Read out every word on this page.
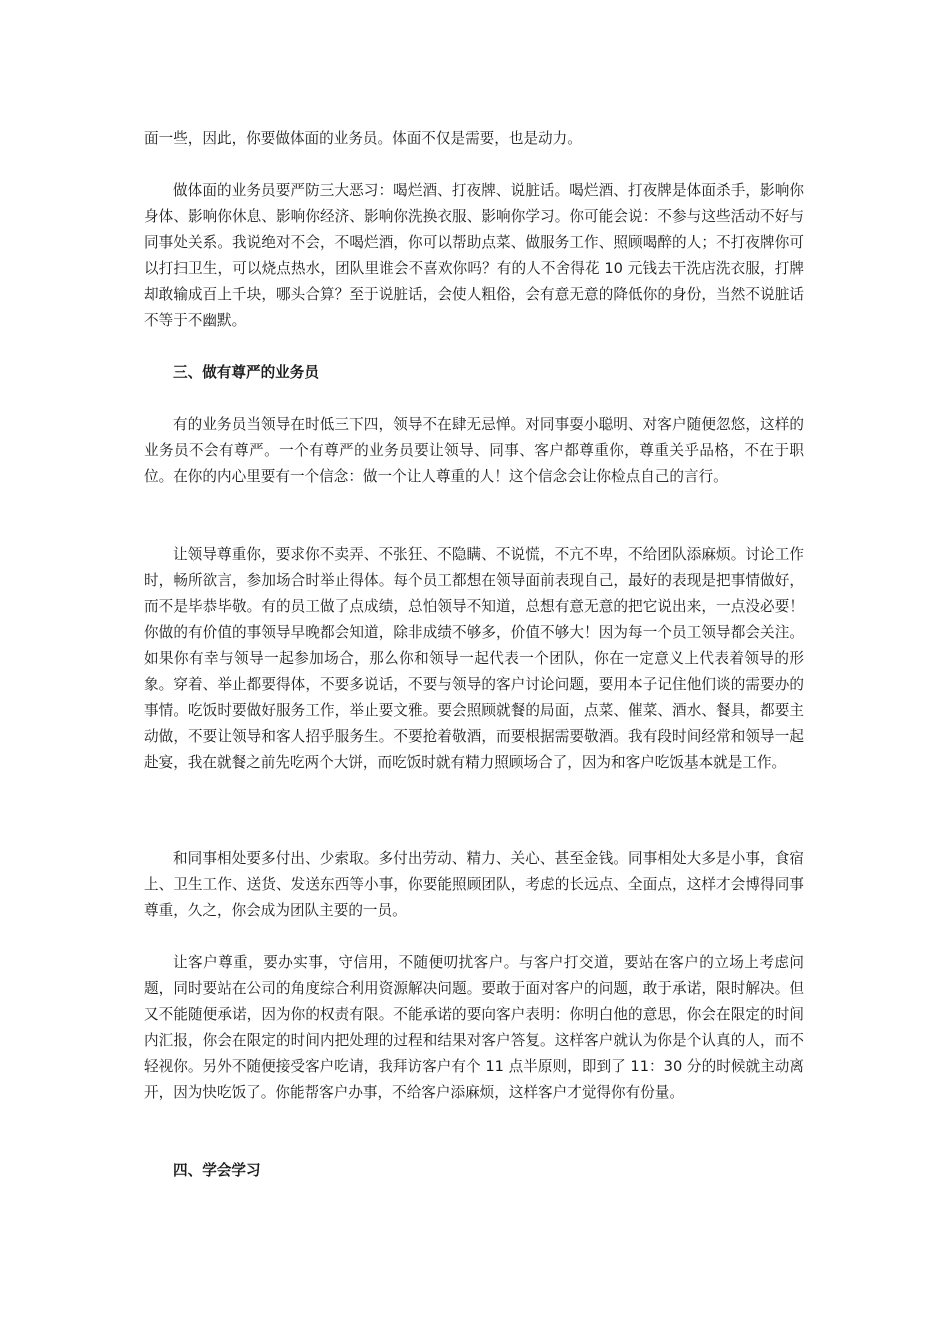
面一些，因此，你要做体面的业务员。体面不仅是需要，也是动力。

做体面的业务员要严防三大恶习：喝烂酒、打夜牌、说脏话。喝烂酒、打夜牌是体面杀手，影响你身体、影响你休息、影响你经济、影响你洗换衣服、影响你学习。你可能会说：不参与这些活动不好与同事处关系。我说绝对不会，不喝烂酒，你可以帮助点菜、做服务工作、照顾喝醉的人；不打夜牌你可以打扫卫生，可以烧点热水，团队里谁会不喜欢你吗？有的人不舍得花 10 元钱去干洗店洗衣服，打牌却敢输成百上千块，哪头合算？至于说脏话，会使人粗俗，会有意无意的降低你的身份，当然不说脏话不等于不幽默。

三、做有尊严的业务员

有的业务员当领导在时低三下四，领导不在肆无忌惮。对同事耍小聪明、对客户随便忽悠，这样的业务员不会有尊严。一个有尊严的业务员要让领导、同事、客户都尊重你，尊重关乎品格，不在于职位。在你的内心里要有一个信念：做一个让人尊重的人！这个信念会让你检点自己的言行。

让领导尊重你，要求你不卖弄、不张狂、不隐瞒、不说慌，不亢不卑，不给团队添麻烦。讨论工作时，畅所欲言，参加场合时举止得体。每个员工都想在领导面前表现自己，最好的表现是把事情做好，而不是毕恭毕敬。有的员工做了点成绩，总怕领导不知道，总想有意无意的把它说出来，一点没必要！你做的有价值的事领导早晚都会知道，除非成绩不够多，价值不够大！因为每一个员工领导都会关注。如果你有幸与领导一起参加场合，那么你和领导一起代表一个团队，你在一定意义上代表着领导的形象。穿着、举止都要得体，不要多说话，不要与领导的客户讨论问题，要用本子记住他们谈的需要办的事情。吃饭时要做好服务工作，举止要文雅。要会照顾就餐的局面，点菜、催菜、酒水、餐具，都要主动做，不要让领导和客人招乎服务生。不要抢着敬酒，而要根据需要敬酒。我有段时间经常和领导一起赴宴，我在就餐之前先吃两个大饼，而吃饭时就有精力照顾场合了，因为和客户吃饭基本就是工作。

和同事相处要多付出、少索取。多付出劳动、精力、关心、甚至金钱。同事相处大多是小事，食宿上、卫生工作、送货、发送东西等小事，你要能照顾团队，考虑的长远点、全面点，这样才会博得同事尊重，久之，你会成为团队主要的一员。

让客户尊重，要办实事，守信用，不随便叨扰客户。与客户打交道，要站在客户的立场上考虑问题，同时要站在公司的角度综合利用资源解决问题。要敢于面对客户的问题，敢于承诺，限时解决。但又不能随便承诺，因为你的权责有限。不能承诺的要向客户表明：你明白他的意思，你会在限定的时间内汇报，你会在限定的时间内把处理的过程和结果对客户答复。这样客户就认为你是个认真的人，而不轻视你。另外不随便接受客户吃请，我拜访客户有个 11 点半原则，即到了 11：30 分的时候就主动离开，因为快吃饭了。你能帮客户办事，不给客户添麻烦，这样客户才觉得你有份量。

四、学会学习
